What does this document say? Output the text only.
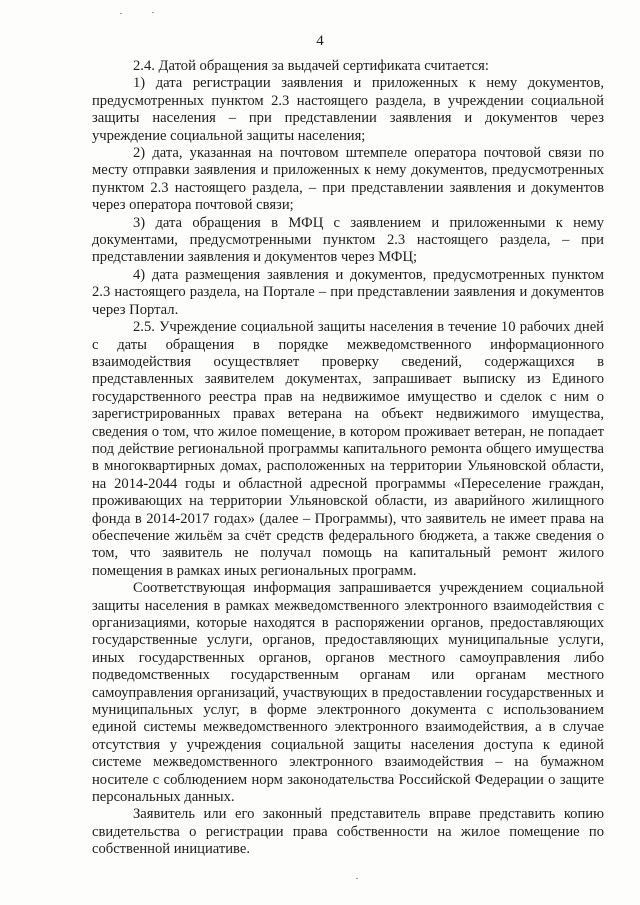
4

2.4. Датой обращения за выдачей сертификата считается:

1) дата регистрации заявления и приложенных к нему документов, предусмотренных пунктом 2.3 настоящего раздела, в учреждении социальной защиты населения – при представлении заявления и документов через учреждение социальной защиты населения;

2) дата, указанная на почтовом штемпеле оператора почтовой связи по месту отправки заявления и приложенных к нему документов, предусмотренных пунктом 2.3 настоящего раздела, – при представлении заявления и документов через оператора почтовой связи;

3) дата обращения в МФЦ с заявлением и приложенными к нему документами, предусмотренными пунктом 2.3 настоящего раздела, – при представлении заявления и документов через МФЦ;

4) дата размещения заявления и документов, предусмотренных пунктом 2.3 настоящего раздела, на Портале – при представлении заявления и документов через Портал.

2.5. Учреждение социальной защиты населения в течение 10 рабочих дней с даты обращения в порядке межведомственного информационного взаимодействия осуществляет проверку сведений, содержащихся в представленных заявителем документах, запрашивает выписку из Единого государственного реестра прав на недвижимое имущество и сделок с ним о зарегистрированных правах ветерана на объект недвижимого имущества, сведения о том, что жилое помещение, в котором проживает ветеран, не попадает под действие региональной программы капитального ремонта общего имущества в многоквартирных домах, расположенных на территории Ульяновской области, на 2014-2044 годы и областной адресной программы «Переселение граждан, проживающих на территории Ульяновской области, из аварийного жилищного фонда в 2014-2017 годах» (далее – Программы), что заявитель не имеет права на обеспечение жильём за счёт средств федерального бюджета, а также сведения о том, что заявитель не получал помощь на капитальный ремонт жилого помещения в рамках иных региональных программ.

Соответствующая информация запрашивается учреждением социальной защиты населения в рамках межведомственного электронного взаимодействия с организациями, которые находятся в распоряжении органов, предоставляющих государственные услуги, органов, предоставляющих муниципальные услуги, иных государственных органов, органов местного самоуправления либо подведомственных государственным органам или органам местного самоуправления организаций, участвующих в предоставлении государственных и муниципальных услуг, в форме электронного документа с использованием единой системы межведомственного электронного взаимодействия, а в случае отсутствия у учреждения социальной защиты населения доступа к единой системе межведомственного электронного взаимодействия – на бумажном носителе с соблюдением норм законодательства Российской Федерации о защите персональных данных.

Заявитель или его законный представитель вправе представить копию свидетельства о регистрации права собственности на жилое помещение по собственной инициативе.
